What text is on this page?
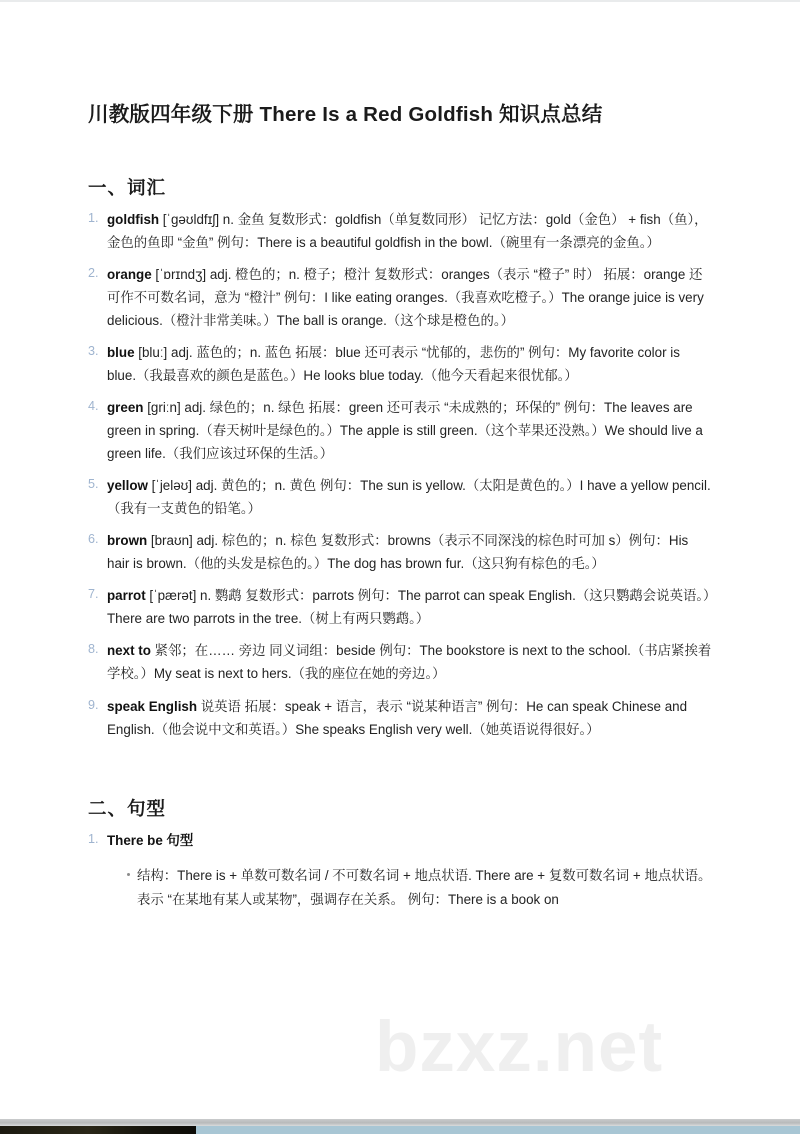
bzxz.net
川教版四年级下册 There Is a Red Goldfish 知识点总结
一、词汇
1. goldfish [ˈɡəʊldfɪʃ] n. 金鱼 复数形式：goldfish（单复数同形） 记忆方法：gold（金色） + fish（鱼），金色的鱼即 “金鱼” 例句：There is a beautiful goldfish in the bowl.（碗里有一条漂亮的金鱼。）
2. orange [ˈɒrɪndʒ] adj. 橙色的；n. 橙子；橙汁 复数形式：oranges（表示 “橙子” 时） 拓展：orange 还可作不可数名词，意为 “橙汁” 例句：I like eating oranges.（我喜欢吃橙子。）The orange juice is very delicious.（橙汁非常美味。）The ball is orange.（这个球是橙色的。）
3. blue [bluː] adj. 蓝色的；n. 蓝色 拓展：blue 还可表示 “忧郁的，悲伤的” 例句：My favorite color is blue.（我最喜欢的颜色是蓝色。）He looks blue today.（他今天看起来很忧郁。）
4. green [griːn] adj. 绿色的；n. 绿色 拓展：green 还可表示 “未成熟的；环保的” 例句：The leaves are green in spring.（春天树叶是绿色的。）The apple is still green.（这个苹果还没熟。）We should live a green life.（我们应该过环保的生活。）
5. yellow [ˈjeləʊ] adj. 黄色的；n. 黄色 例句：The sun is yellow.（太阳是黄色的。）I have a yellow pencil.（我有一支黄色的铅笔。）
6. brown [braʊn] adj. 棕色的；n. 棕色 复数形式：browns（表示不同深浅的棕色时可加 s）例句：His hair is brown.（他的头发是棕色的。）The dog has brown fur.（这只狗有棕色的毛。）
7. parrot [ˈpærət] n. 鹦鹉 复数形式：parrots 例句：The parrot can speak English.（这只鹦鹉会说英语。）There are two parrots in the tree.（树上有两只鹦鹉。）
8. next to 紧邻；在…… 旁边 同义词组：beside 例句：The bookstore is next to the school.（书店紧挨着学校。）My seat is next to hers.（我的座位在她的旁边。）
9. speak English 说英语 拓展：speak + 语言，表示 “说某种语言” 例句：He can speak Chinese and English.（他会说中文和英语。）She speaks English very well.（她英语说得很好。）
二、句型
1. There be 句型
结构：There is + 单数可数名词 / 不可数名词 + 地点状语. There are + 复数可数名词 + 地点状语。表示 “在某地有某人或某物”，强调存在关系。 例句：There is a book on
